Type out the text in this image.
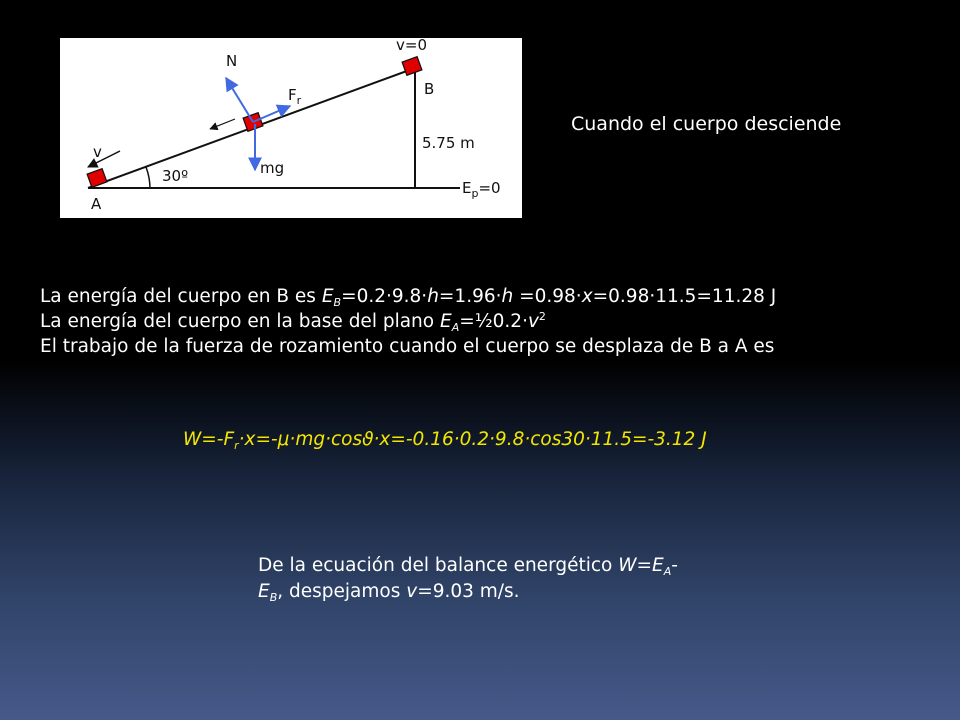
v=0
B
A
N
$F_r$
v
mg
5.75 m
30º
$E_p=0$
Cuando el cuerpo desciende
La energía del cuerpo en B es $E_B=0.2\cdot 9.8\cdot h=1.96\cdot h =0.98\cdot x=0.98\cdot 11.5=11.28$ J
La energía del cuerpo en la base del plano $E_A=\frac{1}{2}0.2\cdot v^2$
El trabajo de la fuerza de rozamiento cuando el cuerpo se desplaza de B a A es
$W=-F_r\cdot x=-\mu\cdot mg\cdot\cos ϑ\cdot x=-0.16\cdot 0.2\cdot 9.8\cdot\cos 30\cdot 11.5=-3.12$ J
De la ecuación del balance energético $W=E_A-$
$E_B$, despejamos v=9.03 m/s.
